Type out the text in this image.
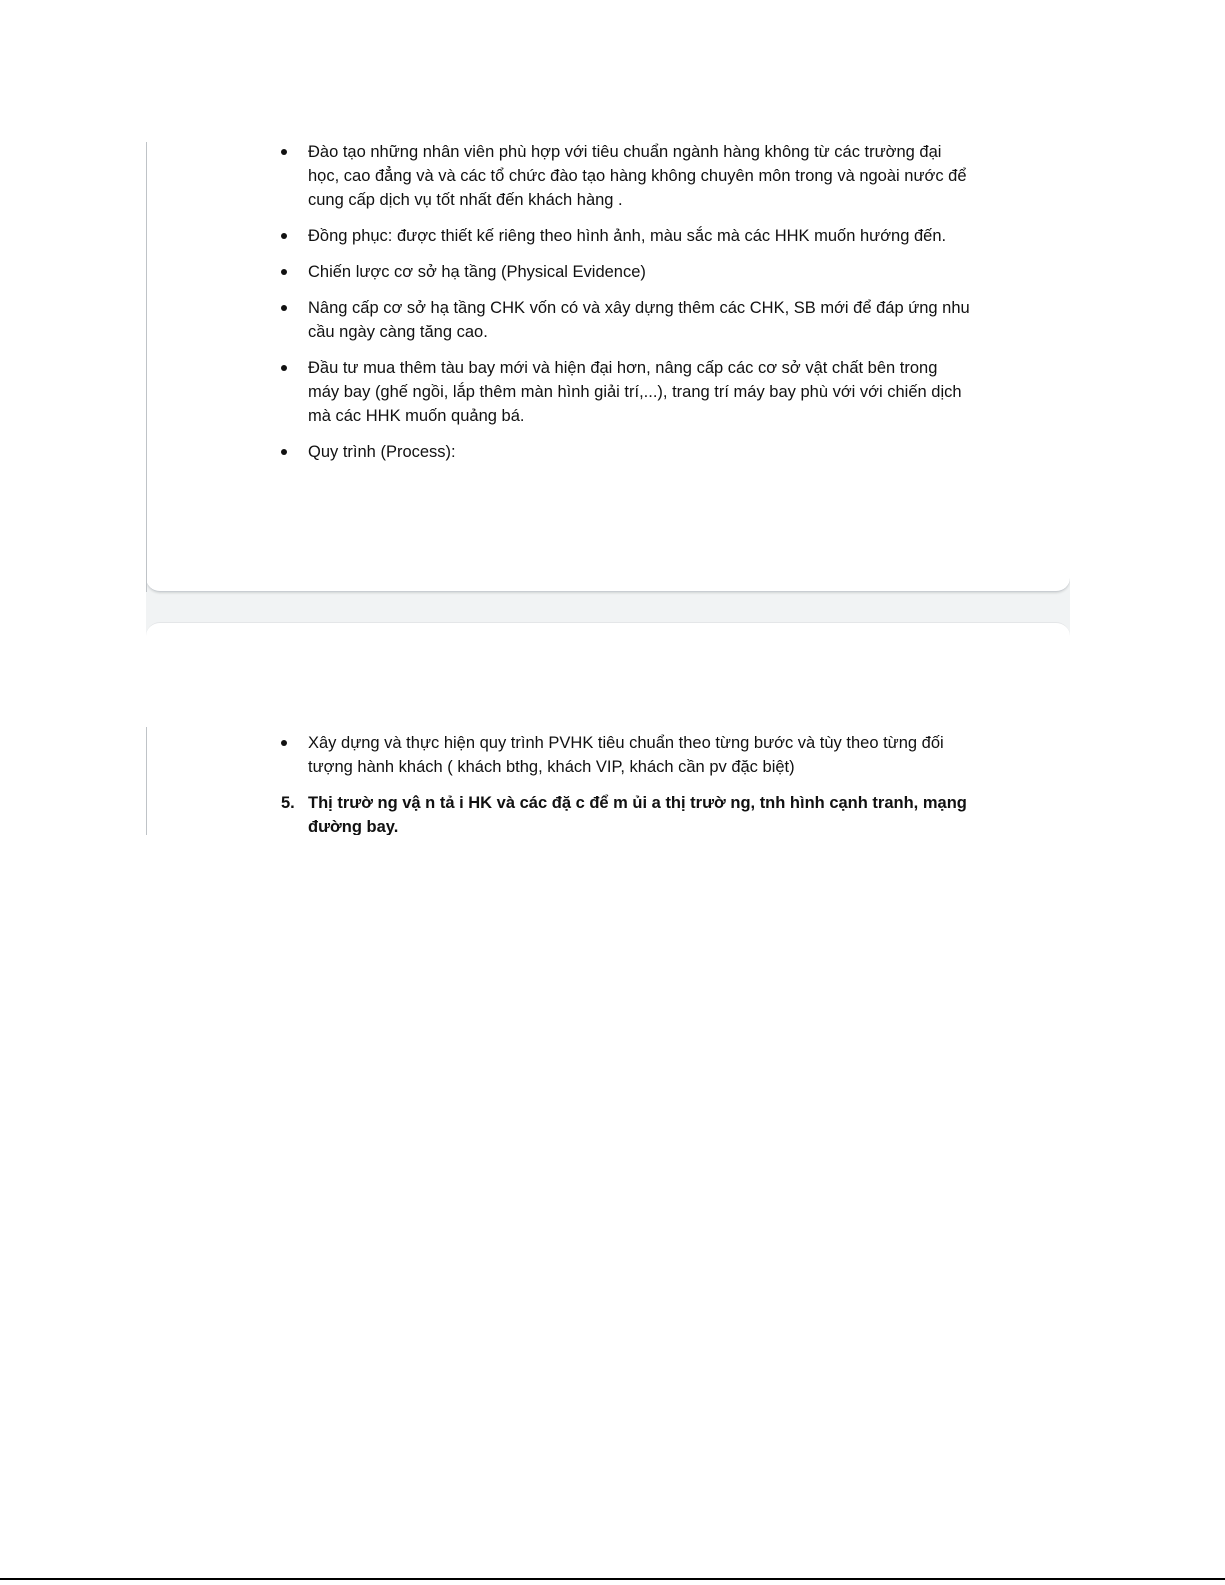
Đào tạo những nhân viên phù hợp với tiêu chuẩn ngành hàng không từ các trường đại học, cao đẳng và và các tổ chức đào tạo hàng không chuyên môn trong và ngoài nước để cung cấp dịch vụ tốt nhất đến khách hàng .
Đồng phục: được thiết kế riêng theo hình ảnh, màu sắc mà các HHK muốn hướng đến.
Chiến lược cơ sở hạ tầng (Physical Evidence)
Nâng cấp cơ sở hạ tầng CHK vốn có và xây dựng thêm các CHK, SB mới để đáp ứng nhu cầu ngày càng tăng cao.
Đầu tư mua thêm tàu bay mới và hiện đại hơn, nâng cấp các cơ sở vật chất bên trong máy bay (ghế ngồi, lắp thêm màn hình giải trí,...), trang trí máy bay phù với với chiến dịch mà các HHK muốn quảng bá.
Quy trình (Process):
Xây dựng và thực hiện quy trình PVHK tiêu chuẩn theo từng bước và tùy theo từng đối tượng hành khách ( khách bthg, khách VIP, khách cần pv đặc biệt)
5. Thị trườ ng vậ n tả i HK và các đặ c để m ủi a thị trườ ng, tnh hình cạnh tranh, mạng đường bay.
